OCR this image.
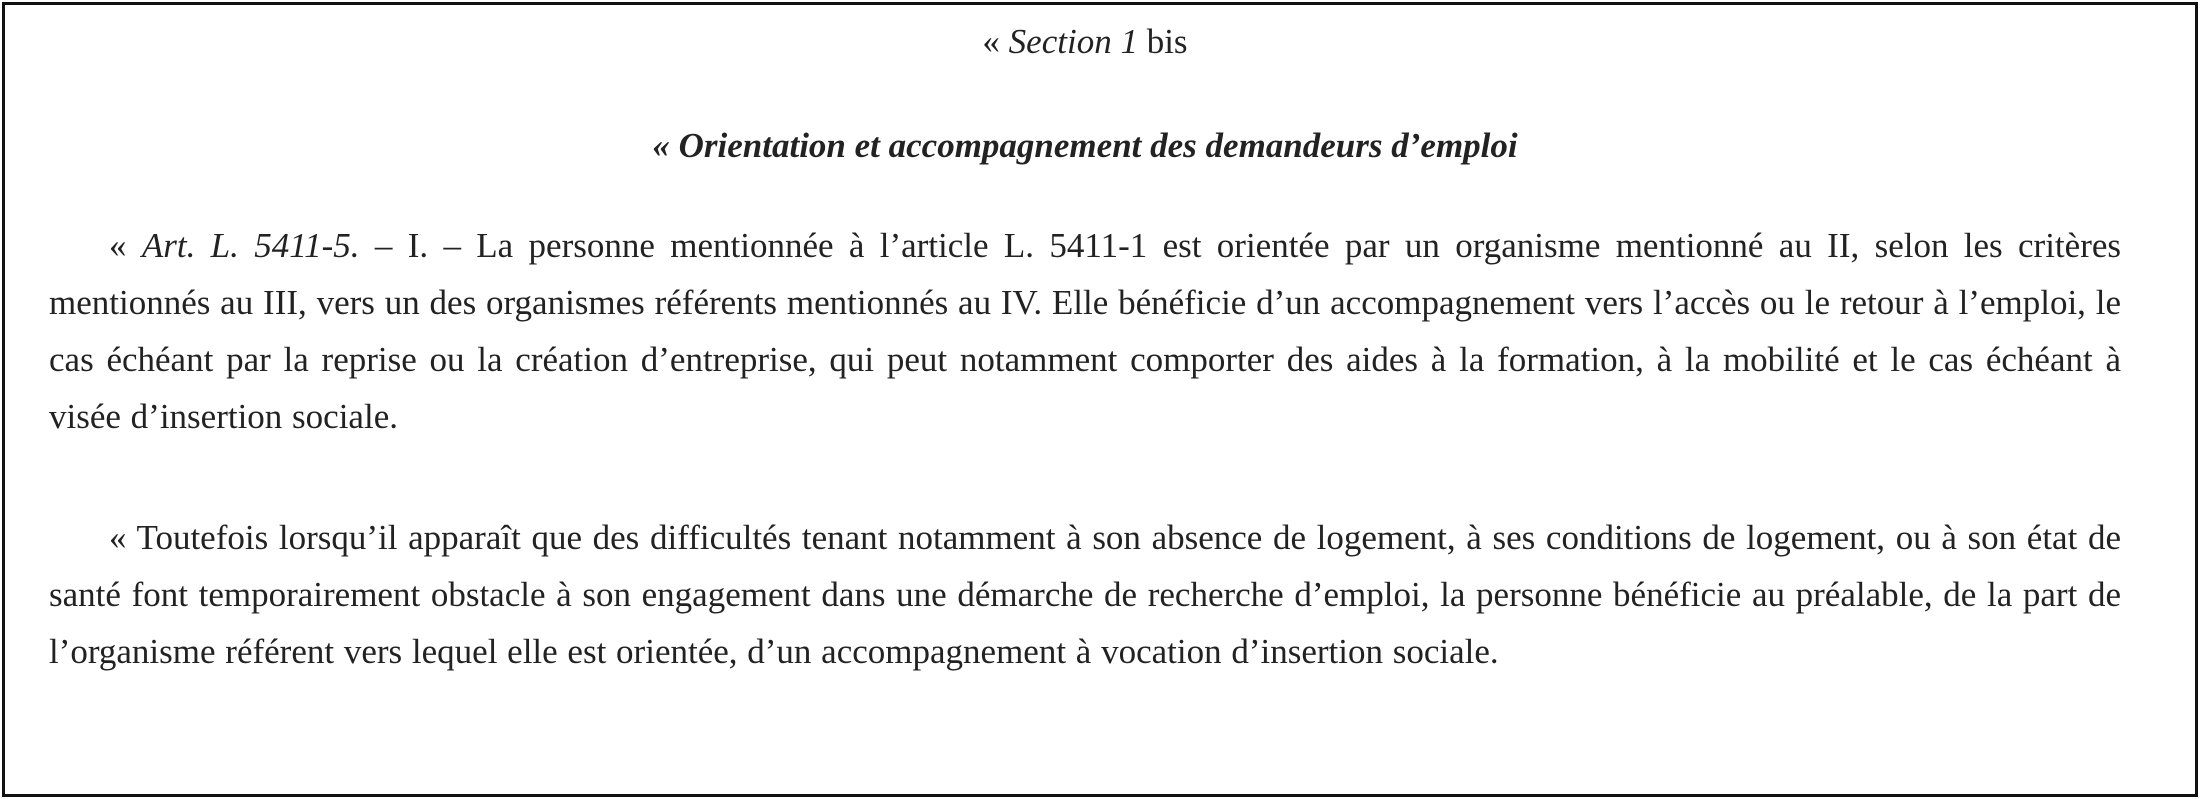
« Section 1 bis

« Orientation et accompagnement des demandeurs d’emploi

« Art. L. 5411-5. – I. – La personne mentionnée à l’article L. 5411-1 est orientée par un organisme mentionné au II, selon les critères mentionnés au III, vers un des organismes référents mentionnés au IV. Elle bénéficie d’un accompagnement vers l’accès ou le retour à l’emploi, le cas échéant par la reprise ou la création d’entreprise, qui peut notamment comporter des aides à la formation, à la mobilité et le cas échéant à visée d’insertion sociale.

« Toutefois lorsqu’il apparaît que des difficultés tenant notamment à son absence de logement, à ses conditions de logement, ou à son état de santé font temporairement obstacle à son engagement dans une démarche de recherche d’emploi, la personne bénéficie au préalable, de la part de l’organisme référent vers lequel elle est orientée, d’un accompagnement à vocation d’insertion sociale.
